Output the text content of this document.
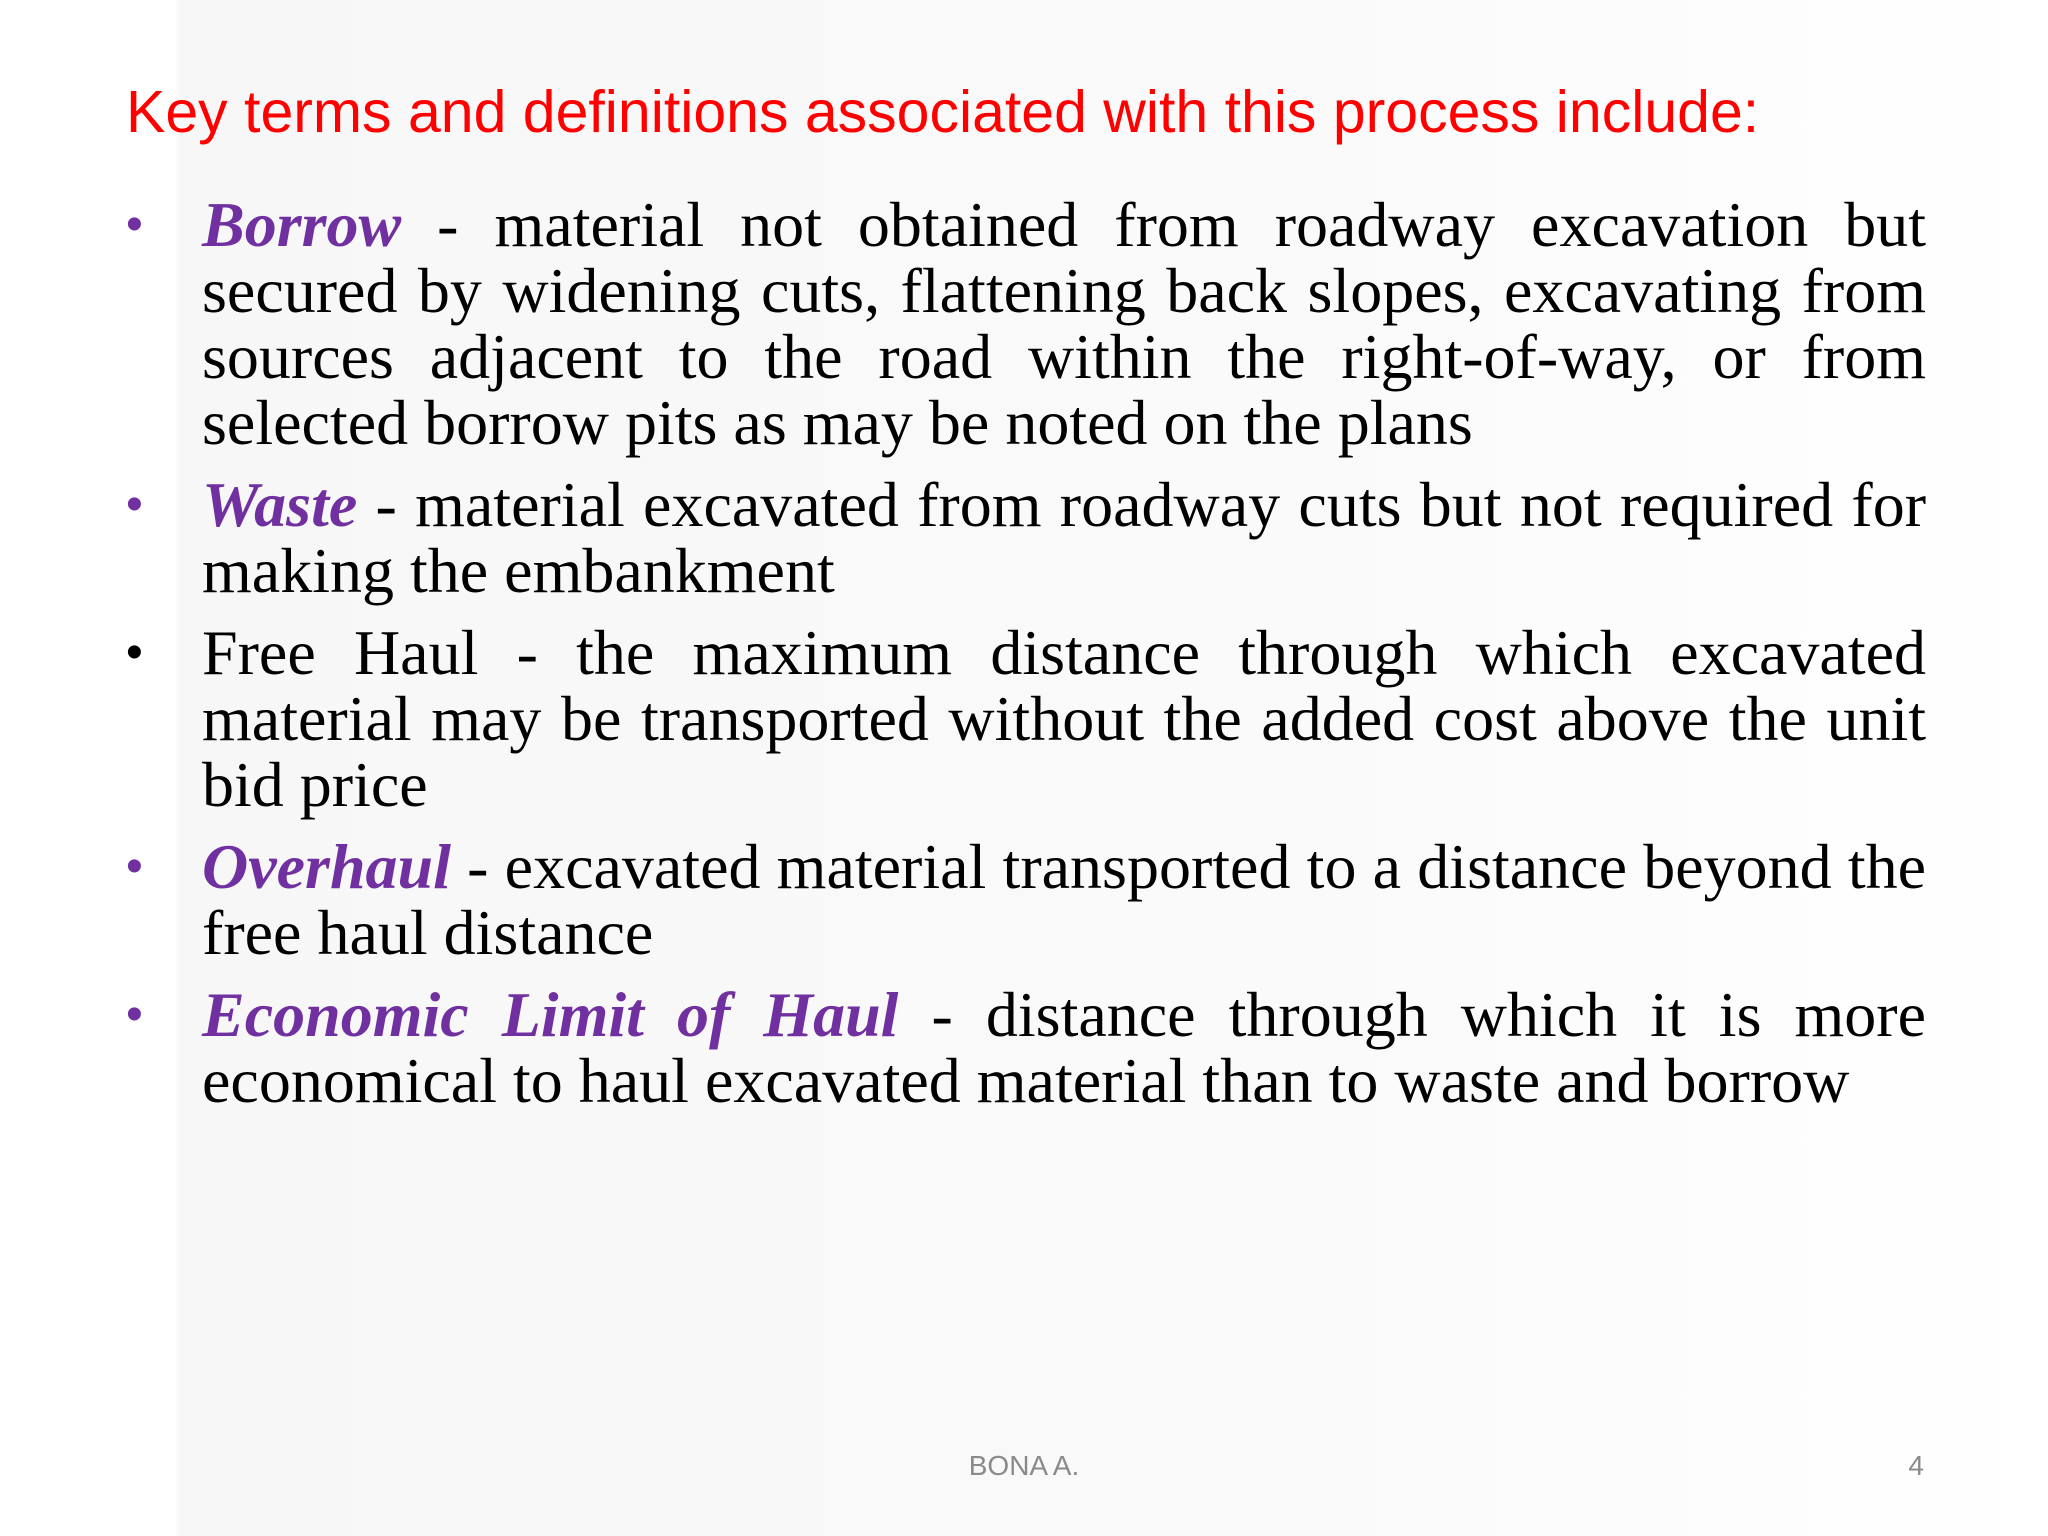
Key terms and definitions associated with this process include:
• Borrow - material not obtained from roadway excavation but secured by widening cuts, flattening back slopes, excavating from sources adjacent to the road within the right-of-way, or from selected borrow pits as may be noted on the plans
• Waste - material excavated from roadway cuts but not required for making the embankment
• Free Haul - the maximum distance through which excavated material may be transported without the added cost above the unit bid price
• Overhaul - excavated material transported to a distance beyond the free haul distance
• Economic Limit of Haul - distance through which it is more economical to haul excavated material than to waste and borrow
BONA A.	4
